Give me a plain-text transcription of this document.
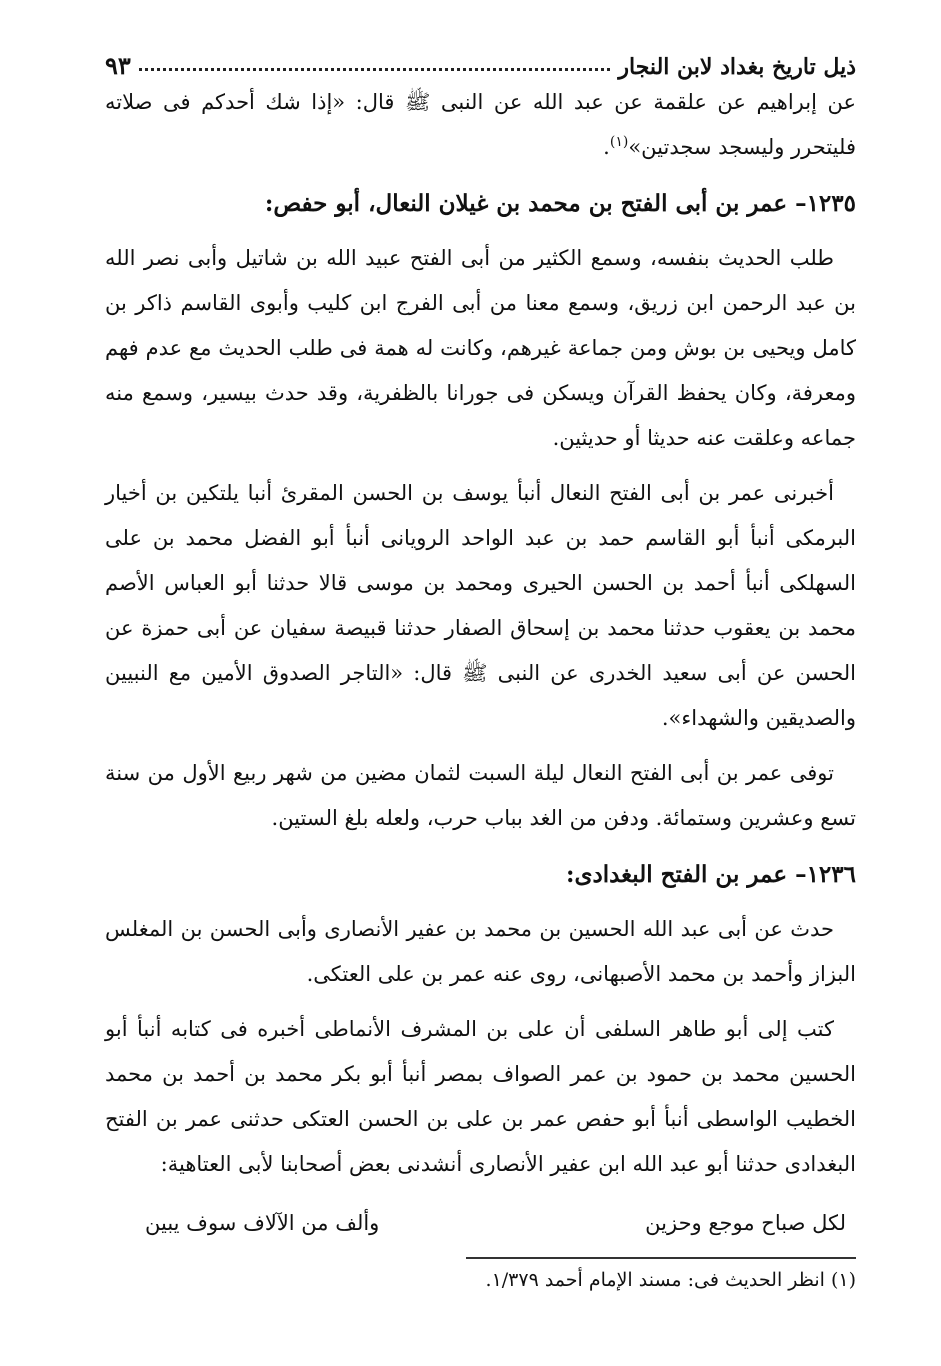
ذيل تاريخ بغداد لابن النجار
٩٣

عن إبراهيم عن علقمة عن عبد الله عن النبى ﷺ قال: «إذا شك أحدكم فى صلاته فليتحرر وليسجد سجدتين»$^{(١)}$.

١٢٣٥– عمر بن أبى الفتح بن محمد بن غيلان النعال، أبو حفص:

طلب الحديث بنفسه، وسمع الكثير من أبى الفتح عبيد الله بن شاتيل وأبى نصر الله بن عبد الرحمن ابن زريق، وسمع معنا من أبى الفرج ابن كليب وأبوى القاسم ذاكر بن كامل ويحيى بن بوش ومن جماعة غيرهم، وكانت له همة فى طلب الحديث مع عدم فهم ومعرفة، وكان يحفظ القرآن ويسكن فى جورانا بالظفرية، وقد حدث بيسير، وسمع منه جماعه وعلقت عنه حديثا أو حديثين.

أخبرنى عمر بن أبى الفتح النعال أنبأ يوسف بن الحسن المقرئ أنبا يلتكين بن أخيار البرمكى أنبأ أبو القاسم حمد بن عبد الواحد الرويانى أنبأ أبو الفضل محمد بن على السهلكى أنبأ أحمد بن الحسن الحيرى ومحمد بن موسى قالا حدثنا أبو العباس الأصم محمد بن يعقوب حدثنا محمد بن إسحاق الصفار حدثنا قبيصة سفيان عن أبى حمزة عن الحسن عن أبى سعيد الخدرى عن النبى ﷺ قال: «التاجر الصدوق الأمين مع النبيين والصديقين والشهداء».

توفى عمر بن أبى الفتح النعال ليلة السبت لثمان مضين من شهر ربيع الأول من سنة تسع وعشرين وستمائة. ودفن من الغد بباب حرب، ولعله بلغ الستين.

١٢٣٦– عمر بن الفتح البغدادى:

حدث عن أبى عبد الله الحسين بن محمد بن عفير الأنصارى وأبى الحسن بن المغلس البزاز وأحمد بن محمد الأصبهانى، روى عنه عمر بن على العتكى.

كتب إلى أبو طاهر السلفى أن على بن المشرف الأنماطى أخبره فى كتابه أنبأ أبو الحسين محمد بن حمود بن عمر الصواف بمصر أنبأ أبو بكر محمد بن أحمد بن محمد الخطيب الواسطى أنبأ أبو حفص عمر بن على بن الحسن العتكى حدثنى عمر بن الفتح البغدادى حدثنا أبو عبد الله ابن عفير الأنصارى أنشدنى بعض أصحابنا لأبى العتاهية:

لكل صباح موجع وحزين
وألف من الآلاف سوف يبين
(١) انظر الحديث فى: مسند الإمام أحمد ١/٣٧٩.
